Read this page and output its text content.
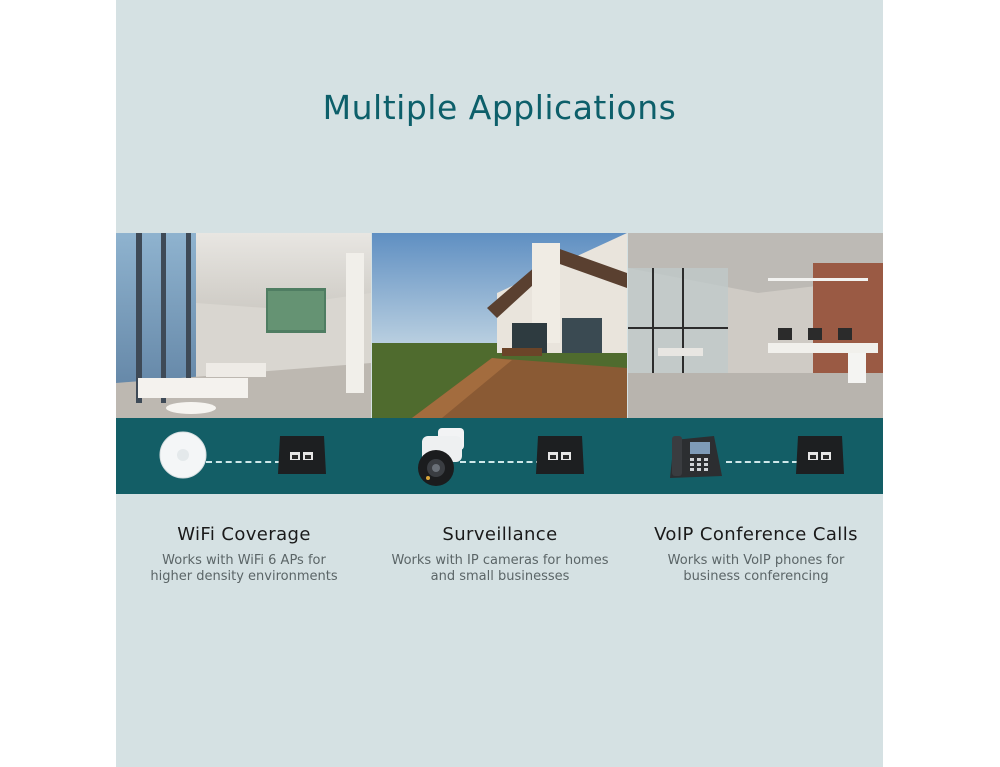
Multiple Applications
WiFi Coverage
Works with WiFi 6 APs for
higher density environments
Surveillance
Works with IP cameras for homes
and small businesses
VoIP Conference Calls
Works with VoIP phones for
business conferencing
